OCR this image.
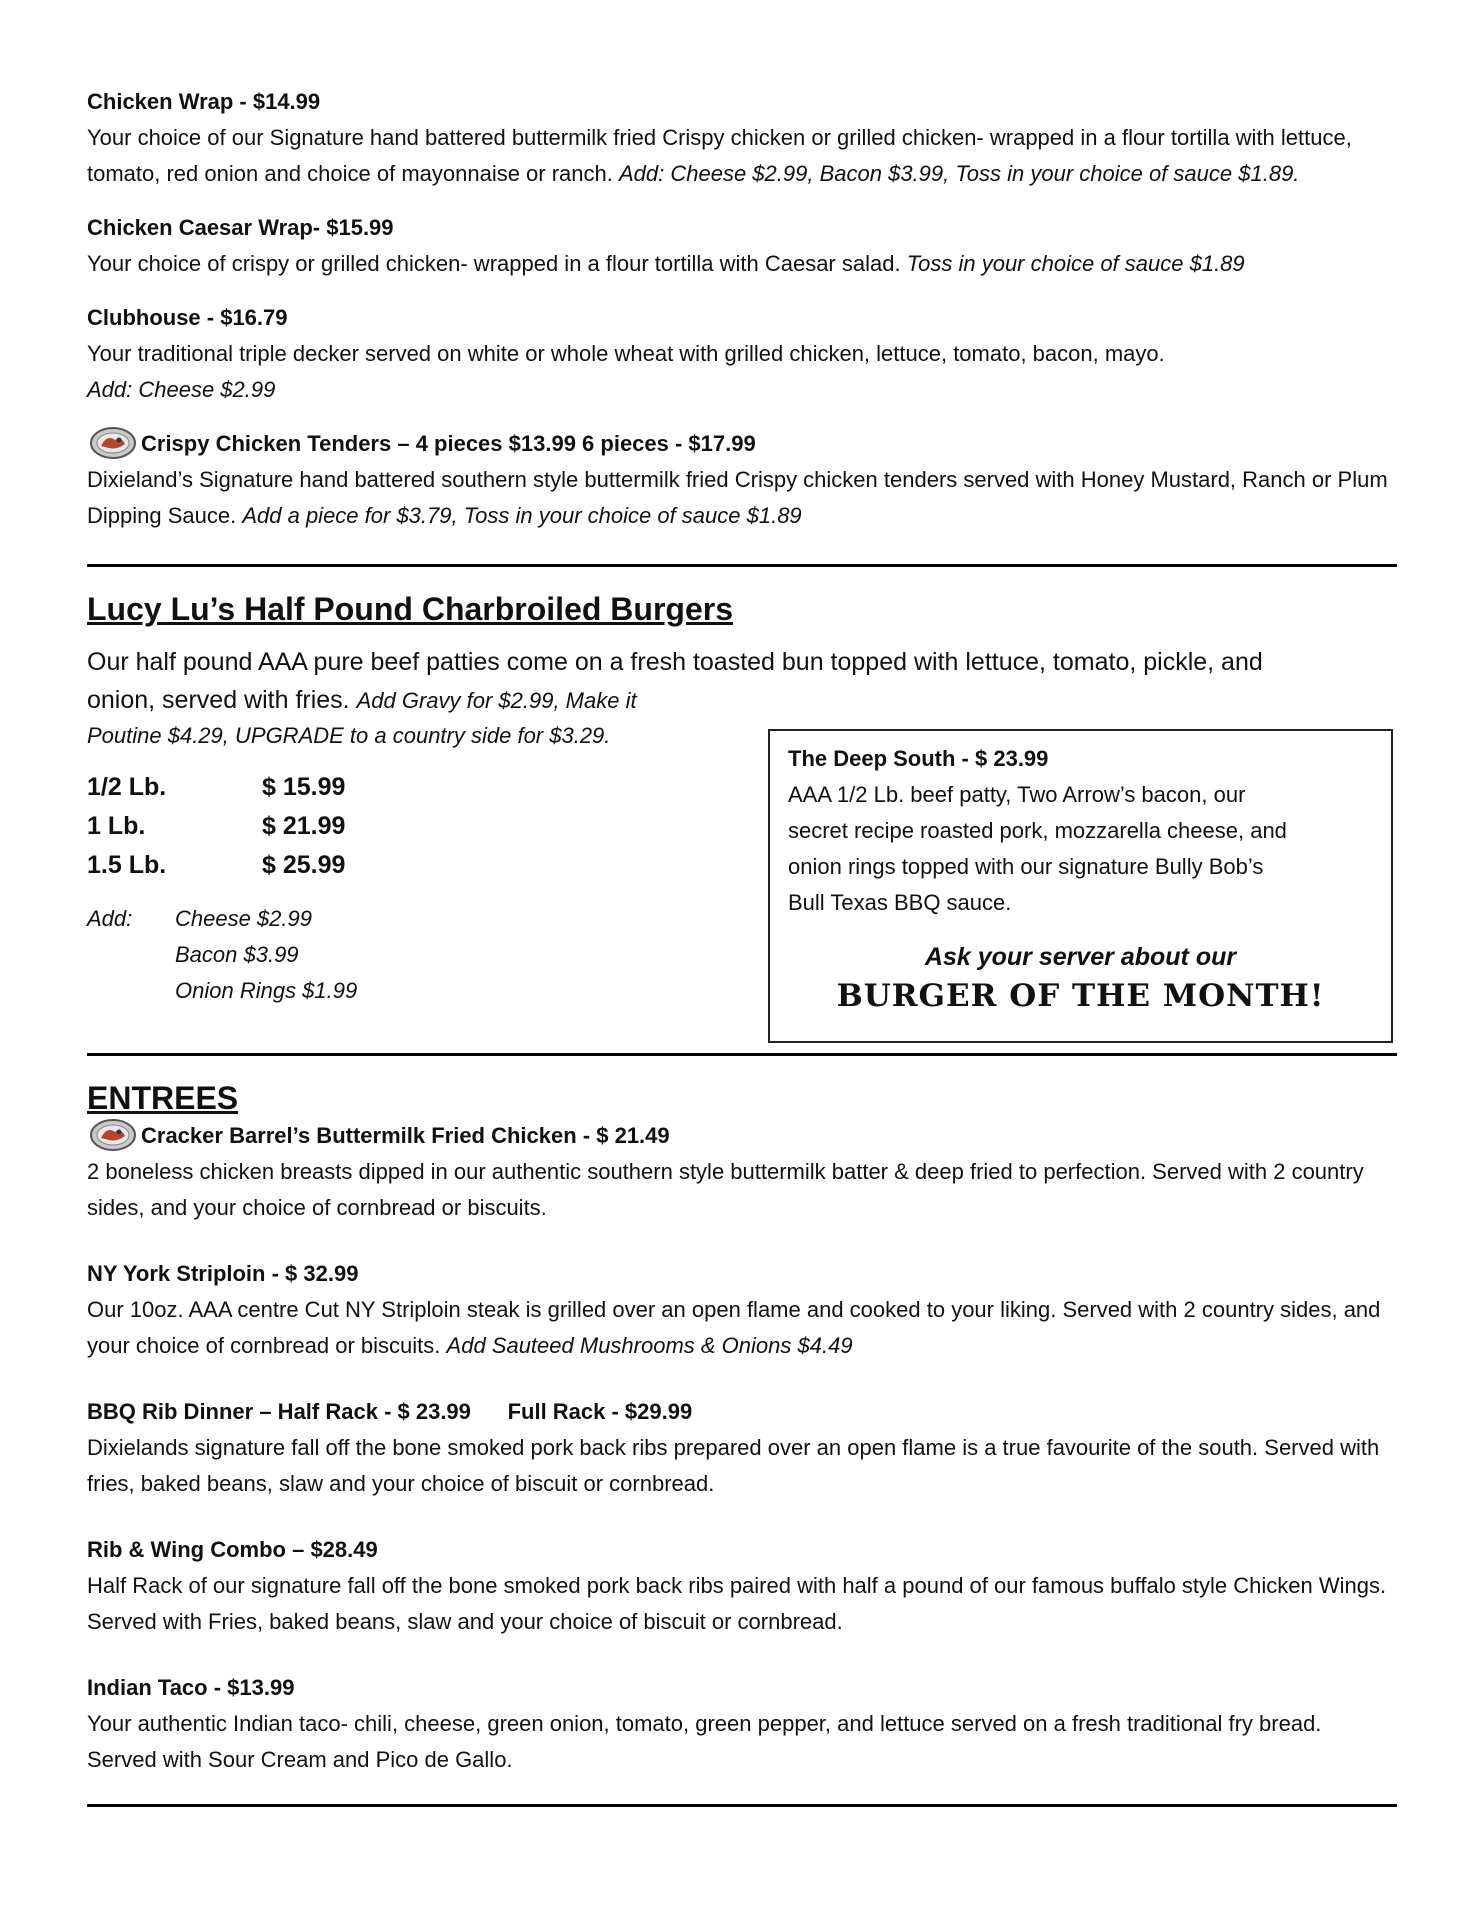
Chicken Wrap - $14.99
Your choice of our Signature hand battered buttermilk fried Crispy chicken or grilled chicken- wrapped in a flour tortilla with lettuce, tomato, red onion and choice of mayonnaise or ranch. Add: Cheese $2.99, Bacon $3.99, Toss in your choice of sauce $1.89.
Chicken Caesar Wrap- $15.99
Your choice of crispy or grilled chicken- wrapped in a flour tortilla with Caesar salad. Toss in your choice of sauce $1.89
Clubhouse - $16.79
Your traditional triple decker served on white or whole wheat with grilled chicken, lettuce, tomato, bacon, mayo.
Add: Cheese $2.99
Crispy Chicken Tenders – 4 pieces $13.99 6 pieces - $17.99
Dixieland’s Signature hand battered southern style buttermilk fried Crispy chicken tenders served with Honey Mustard, Ranch or Plum Dipping Sauce. Add a piece for $3.79, Toss in your choice of sauce $1.89
Lucy Lu’s Half Pound Charbroiled Burgers
Our half pound AAA pure beef patties come on a fresh toasted bun topped with lettuce, tomato, pickle, and
onion, served with fries. Add Gravy for $2.99, Make it
Poutine $4.29, UPGRADE to a country side for $3.29.
1/2 Lb.	$ 15.99
1 Lb.	$ 21.99
1.5 Lb.	$ 25.99
Add: Cheese $2.99
Bacon $3.99
Onion Rings $1.99
The Deep South - $ 23.99
AAA 1/2 Lb. beef patty, Two Arrow’s bacon, our
secret recipe roasted pork, mozzarella cheese, and
onion rings topped with our signature Bully Bob’s
Bull Texas BBQ sauce.
Ask your server about our
BURGER OF THE MONTH!
ENTREES
Cracker Barrel’s Buttermilk Fried Chicken - $ 21.49
2 boneless chicken breasts dipped in our authentic southern style buttermilk batter & deep fried to perfection. Served with 2 country sides, and your choice of cornbread or biscuits.
NY York Striploin - $ 32.99
Our 10oz. AAA centre Cut NY Striploin steak is grilled over an open flame and cooked to your liking. Served with 2 country sides, and your choice of cornbread or biscuits. Add Sauteed Mushrooms & Onions $4.49
BBQ Rib Dinner – Half Rack - $ 23.99      Full Rack - $29.99
Dixielands signature fall off the bone smoked pork back ribs prepared over an open flame is a true favourite of the south. Served with fries, baked beans, slaw and your choice of biscuit or cornbread.
Rib & Wing Combo – $28.49
Half Rack of our signature fall off the bone smoked pork back ribs paired with half a pound of our famous buffalo style Chicken Wings. Served with Fries, baked beans, slaw and your choice of biscuit or cornbread.
Indian Taco - $13.99
Your authentic Indian taco- chili, cheese, green onion, tomato, green pepper, and lettuce served on a fresh traditional fry bread. Served with Sour Cream and Pico de Gallo.
